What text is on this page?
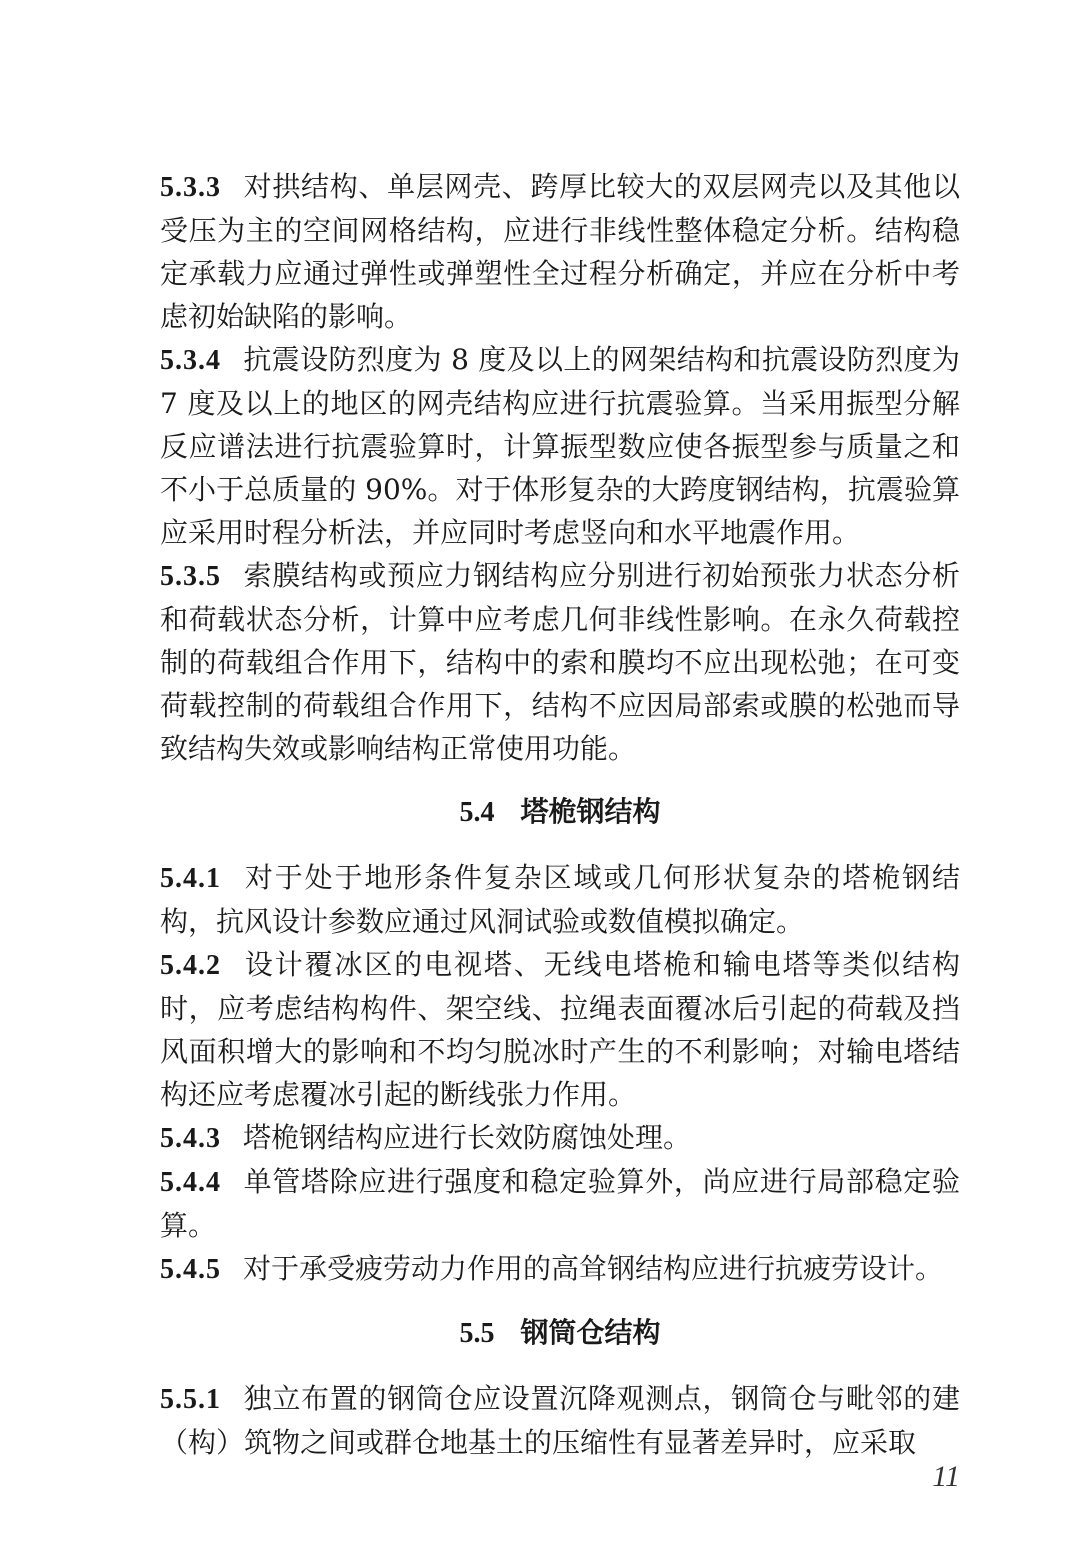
5.3.3 对拱结构、单层网壳、跨厚比较大的双层网壳以及其他以受压为主的空间网格结构，应进行非线性整体稳定分析。结构稳定承载力应通过弹性或弹塑性全过程分析确定，并应在分析中考虑初始缺陷的影响。

5.3.4 抗震设防烈度为 8 度及以上的网架结构和抗震设防烈度为 7 度及以上的地区的网壳结构应进行抗震验算。当采用振型分解反应谱法进行抗震验算时，计算振型数应使各振型参与质量之和不小于总质量的 90%。对于体形复杂的大跨度钢结构，抗震验算应采用时程分析法，并应同时考虑竖向和水平地震作用。

5.3.5 索膜结构或预应力钢结构应分别进行初始预张力状态分析和荷载状态分析，计算中应考虑几何非线性影响。在永久荷载控制的荷载组合作用下，结构中的索和膜均不应出现松弛；在可变荷载控制的荷载组合作用下，结构不应因局部索或膜的松弛而导致结构失效或影响结构正常使用功能。

5.4 塔桅钢结构

5.4.1 对于处于地形条件复杂区域或几何形状复杂的塔桅钢结构，抗风设计参数应通过风洞试验或数值模拟确定。

5.4.2 设计覆冰区的电视塔、无线电塔桅和输电塔等类似结构时，应考虑结构构件、架空线、拉绳表面覆冰后引起的荷载及挡风面积增大的影响和不均匀脱冰时产生的不利影响；对输电塔结构还应考虑覆冰引起的断线张力作用。

5.4.3 塔桅钢结构应进行长效防腐蚀处理。

5.4.4 单管塔除应进行强度和稳定验算外，尚应进行局部稳定验算。

5.4.5 对于承受疲劳动力作用的高耸钢结构应进行抗疲劳设计。

5.5 钢筒仓结构

5.5.1 独立布置的钢筒仓应设置沉降观测点，钢筒仓与毗邻的建（构）筑物之间或群仓地基土的压缩性有显著差异时，应采取

11
